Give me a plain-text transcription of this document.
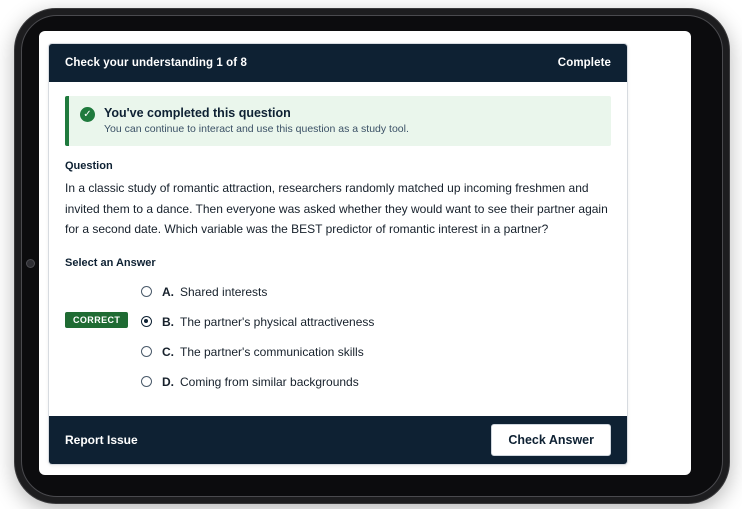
Check your understanding 1 of 8	Complete
✓ You've completed this question
You can continue to interact and use this question as a study tool.
Question
In a classic study of romantic attraction, researchers randomly matched up incoming freshmen and invited them to a dance. Then everyone was asked whether they would want to see their partner again for a second date. Which variable was the BEST predictor of romantic interest in a partner?
Select an Answer
A. Shared interests
CORRECT	B. The partner's physical attractiveness
C. The partner's communication skills
D. Coming from similar backgrounds
Report Issue	Check Answer
